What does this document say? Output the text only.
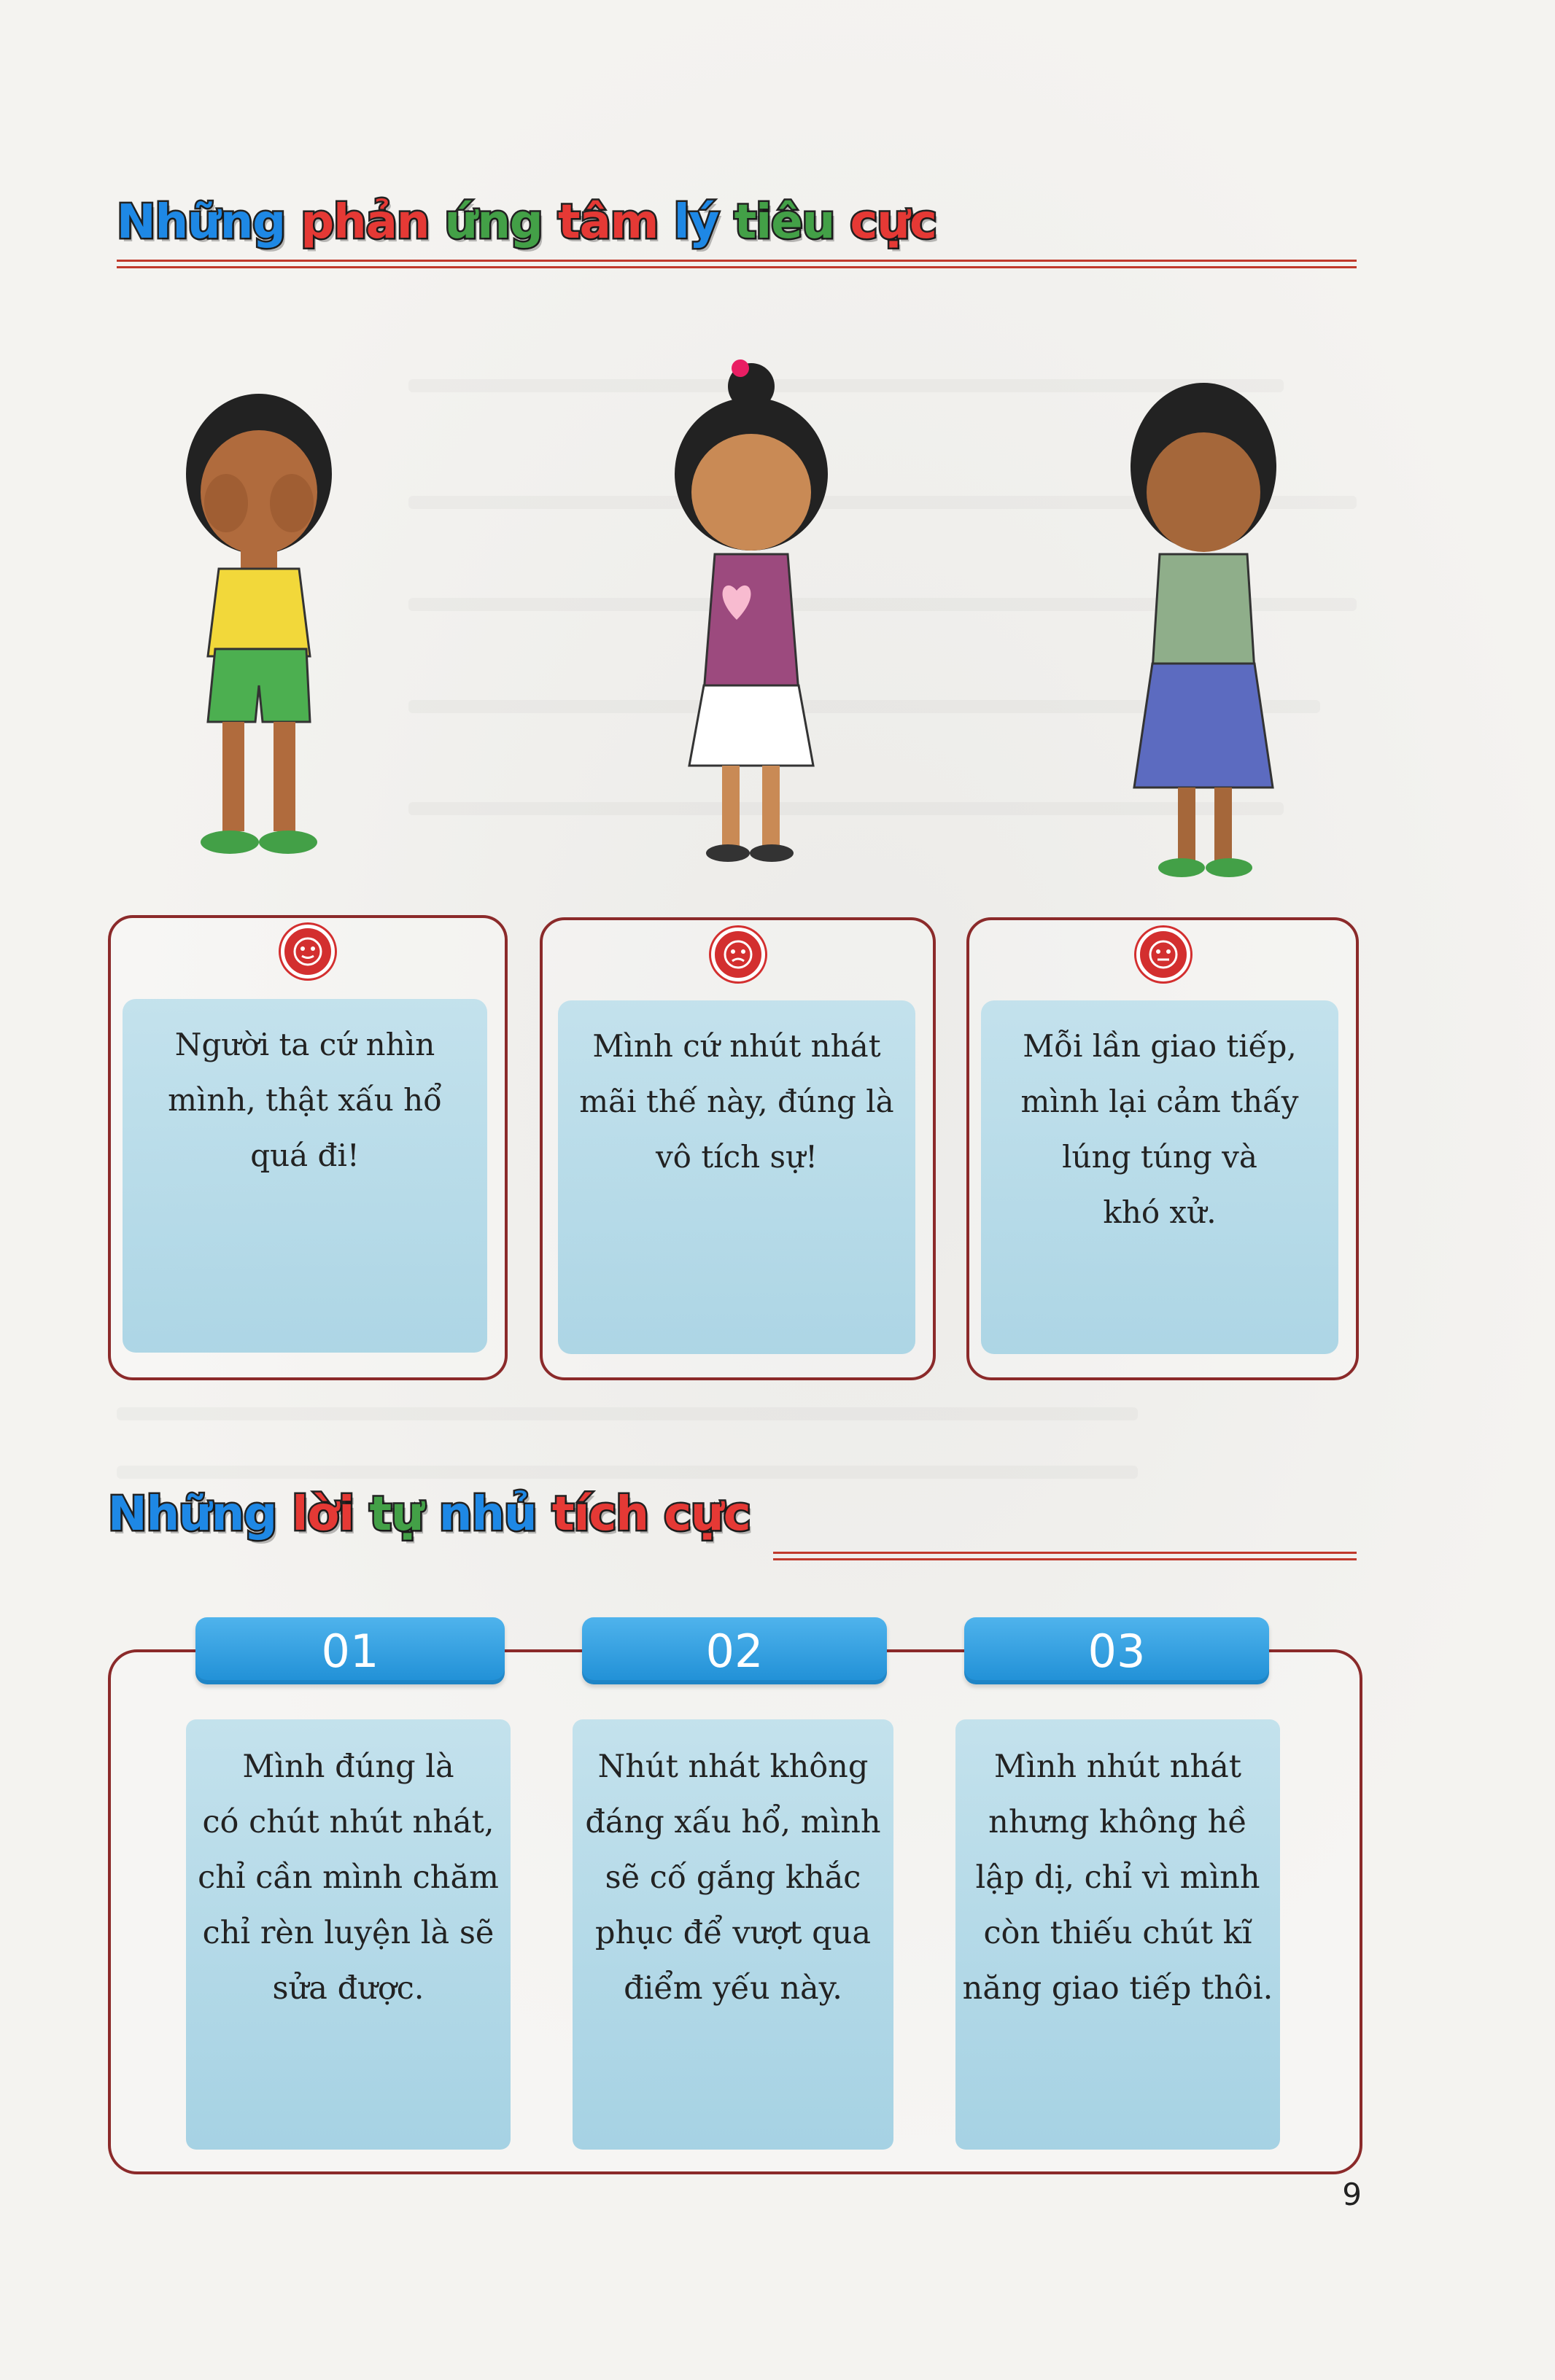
Những phản ứng tâm lý tiêu cực
Người ta cứ nhìn
mình, thật xấu hổ
quá đi!
Mình cứ nhút nhát
mãi thế này, đúng là
vô tích sự!
Mỗi lần giao tiếp,
mình lại cảm thấy
lúng túng và
khó xử.
Những lời tự nhủ tích cực
01
Mình đúng là
có chút nhút nhát,
chỉ cần mình chăm
chỉ rèn luyện là sẽ
sửa được.
02
Nhút nhát không
đáng xấu hổ, mình
sẽ cố gắng khắc
phục để vượt qua
điểm yếu này.
03
Mình nhút nhát
nhưng không hề
lập dị, chỉ vì mình
còn thiếu chút kĩ
năng giao tiếp thôi.
9
